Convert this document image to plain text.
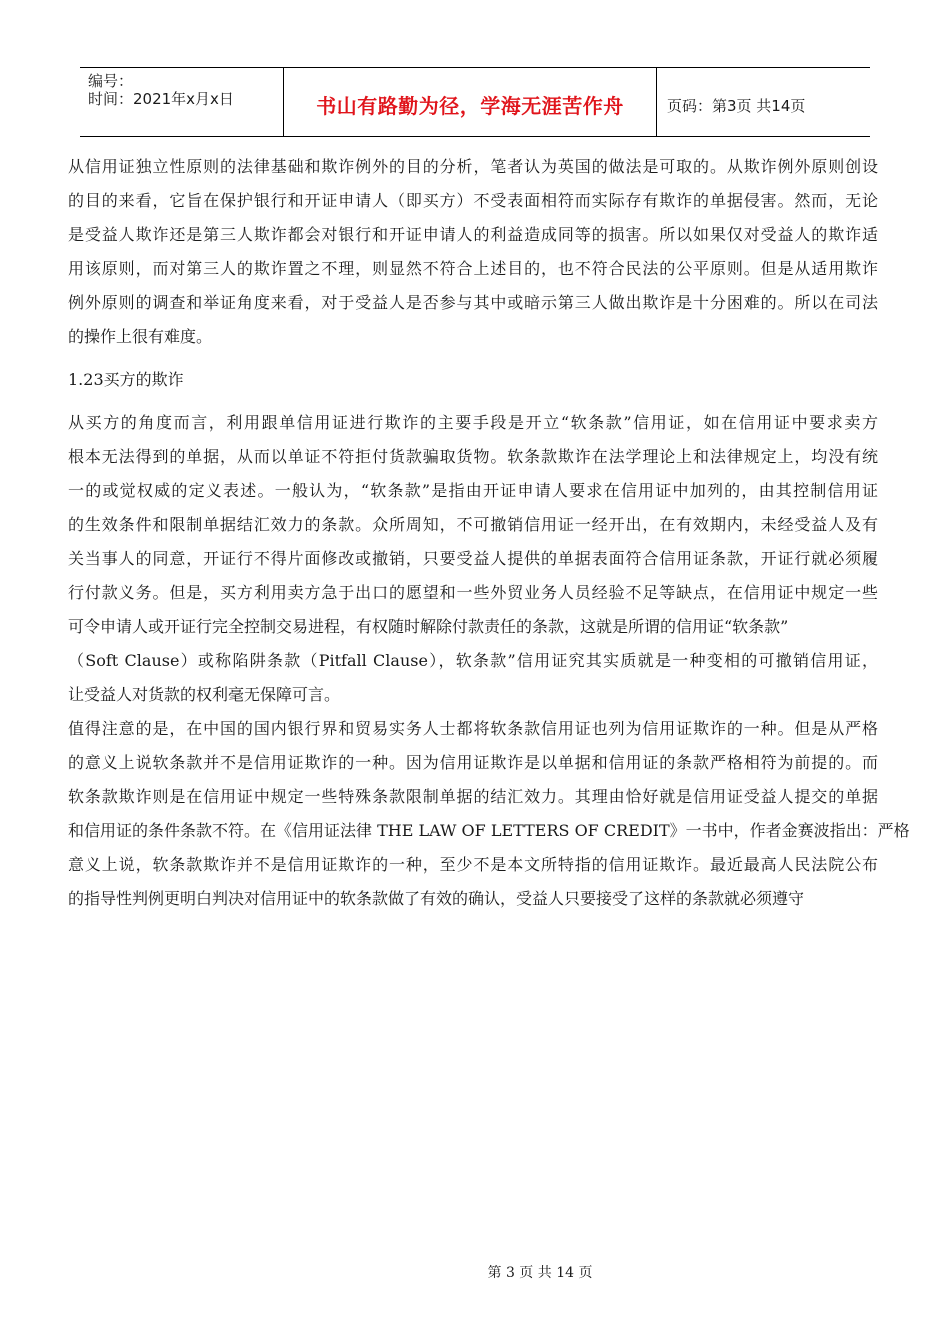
编号：
时间：2021年x月x日	书山有路勤为径，学海无涯苦作舟	页码：第3页 共14页
从信用证独立性原则的法律基础和欺诈例外的目的分析，笔者认为英国的做法是可取的。从欺诈例外原则创设
的目的来看，它旨在保护银行和开证申请人（即买方）不受表面相符而实际存有欺诈的单据侵害。然而，无论
是受益人欺诈还是第三人欺诈都会对银行和开证申请人的利益造成同等的损害。所以如果仅对受益人的欺诈适
用该原则，而对第三人的欺诈置之不理，则显然不符合上述目的，也不符合民法的公平原则。但是从适用欺诈
例外原则的调查和举证角度来看，对于受益人是否参与其中或暗示第三人做出欺诈是十分困难的。所以在司法
的操作上很有难度。
1.23买方的欺诈
从买方的角度而言，利用跟单信用证进行欺诈的主要手段是开立“软条款”信用证，如在信用证中要求卖方
根本无法得到的单据，从而以单证不符拒付货款骗取货物。软条款欺诈在法学理论上和法律规定上，均没有统
一的或觉权威的定义表述。一般认为，“软条款”是指由开证申请人要求在信用证中加列的，由其控制信用证
的生效条件和限制单据结汇效力的条款。众所周知，不可撤销信用证一经开出，在有效期内，未经受益人及有
关当事人的同意，开证行不得片面修改或撤销，只要受益人提供的单据表面符合信用证条款，开证行就必须履
行付款义务。但是，买方利用卖方急于出口的愿望和一些外贸业务人员经验不足等缺点，在信用证中规定一些
可令申请人或开证行完全控制交易进程，有权随时解除付款责任的条款，这就是所谓的信用证“软条款”
（Soft Clause）或称陷阱条款（Pitfall Clause），软条款”信用证究其实质就是一种变相的可撤销信用证，
让受益人对货款的权利毫无保障可言。
值得注意的是，在中国的国内银行界和贸易实务人士都将软条款信用证也列为信用证欺诈的一种。但是从严格
的意义上说软条款并不是信用证欺诈的一种。因为信用证欺诈是以单据和信用证的条款严格相符为前提的。而
软条款欺诈则是在信用证中规定一些特殊条款限制单据的结汇效力。其理由恰好就是信用证受益人提交的单据
和信用证的条件条款不符。在《信用证法律 THE LAW OF LETTERS OF CREDIT》一书中，作者金赛波指出：严格
意义上说，软条款欺诈并不是信用证欺诈的一种，至少不是本文所特指的信用证欺诈。最近最高人民法院公布
的指导性判例更明白判决对信用证中的软条款做了有效的确认，受益人只要接受了这样的条款就必须遵守
第 3 页 共 14 页
